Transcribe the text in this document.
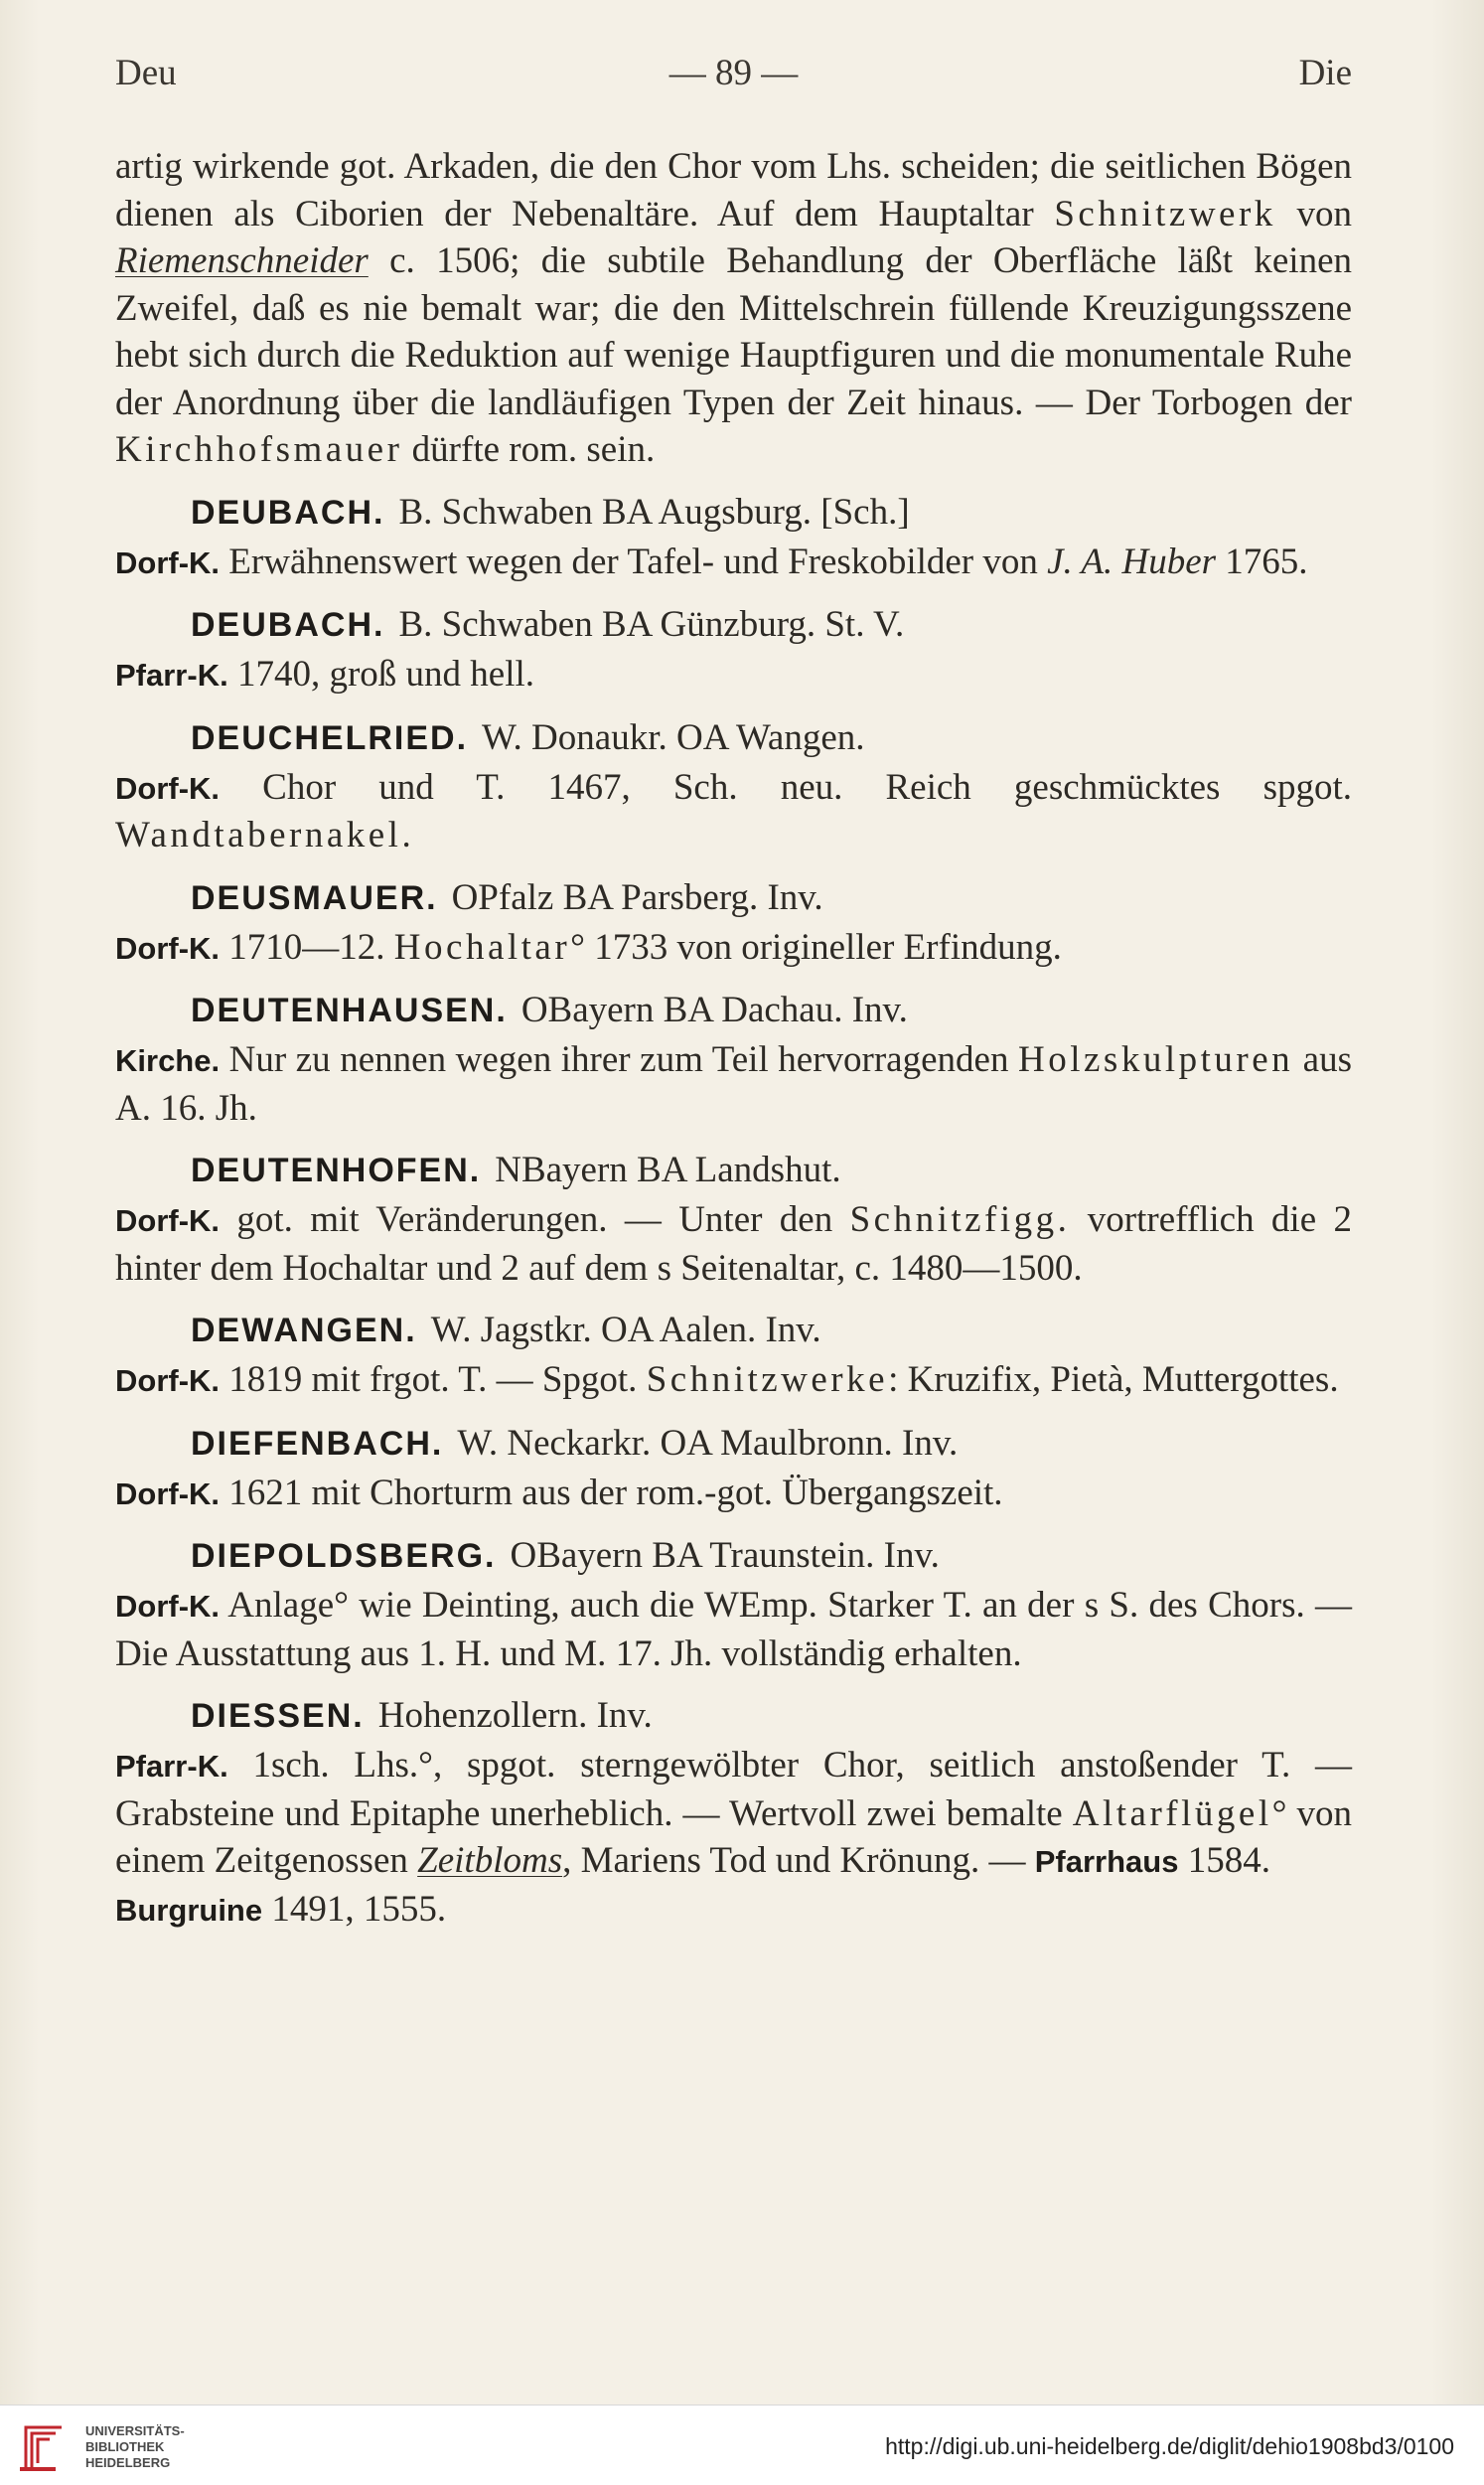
Deu	— 89 —	Die

artig wirkende got. Arkaden, die den Chor vom Lhs. scheiden; die seitlichen Bögen dienen als Ciborien der Nebenaltäre. Auf dem Hauptaltar Schnitzwerk von Riemenschneider c. 1506; die subtile Behandlung der Oberfläche läßt keinen Zweifel, daß es nie bemalt war; die den Mittelschrein füllende Kreuzigungsszene hebt sich durch die Reduktion auf wenige Hauptfiguren und die monumentale Ruhe der Anordnung über die landläufigen Typen der Zeit hinaus. — Der Torbogen der Kirchhofsmauer dürfte rom. sein.

DEUBACH. B. Schwaben BA Augsburg. [Sch.]

Dorf-K. Erwähnenswert wegen der Tafel- und Freskobilder von J. A. Huber 1765.

DEUBACH. B. Schwaben BA Günzburg. St. V.

Pfarr-K. 1740, groß und hell.

DEUCHELRIED. W. Donaukr. OA Wangen.

Dorf-K. Chor und T. 1467, Sch. neu. Reich geschmücktes spgot. Wandtabernakel.

DEUSMAUER. OPfalz BA Parsberg. Inv.

Dorf-K. 1710—12. Hochaltar° 1733 von origineller Erfindung.

DEUTENHAUSEN. OBayern BA Dachau. Inv.

Kirche. Nur zu nennen wegen ihrer zum Teil hervorragenden Holzskulpturen aus A. 16. Jh.

DEUTENHOFEN. NBayern BA Landshut.

Dorf-K. got. mit Veränderungen. — Unter den Schnitzfigg. vortrefflich die 2 hinter dem Hochaltar und 2 auf dem s Seitenaltar, c. 1480—1500.

DEWANGEN. W. Jagstkr. OA Aalen. Inv.

Dorf-K. 1819 mit frgot. T. — Spgot. Schnitzwerke: Kruzifix, Pietà, Muttergottes.

DIEFENBACH. W. Neckarkr. OA Maulbronn. Inv.

Dorf-K. 1621 mit Chorturm aus der rom.-got. Übergangszeit.

DIEPOLDSBERG. OBayern BA Traunstein. Inv.

Dorf-K. Anlage° wie Deinting, auch die WEmp. Starker T. an der s S. des Chors. — Die Ausstattung aus 1. H. und M. 17. Jh. vollständig erhalten.

DIESSEN. Hohenzollern. Inv.

Pfarr-K. 1sch. Lhs.°, spgot. sterngewölbter Chor, seitlich anstoßender T. — Grabsteine und Epitaphe unerheblich. — Wertvoll zwei bemalte Altarflügel° von einem Zeitgenossen Zeitbloms, Mariens Tod und Krönung. — Pfarrhaus 1584.
Burgruine 1491, 1555.

UNIVERSITÄTS-
BIBLIOTHEK
HEIDELBERG
http://digi.ub.uni-heidelberg.de/diglit/dehio1908bd3/0100
